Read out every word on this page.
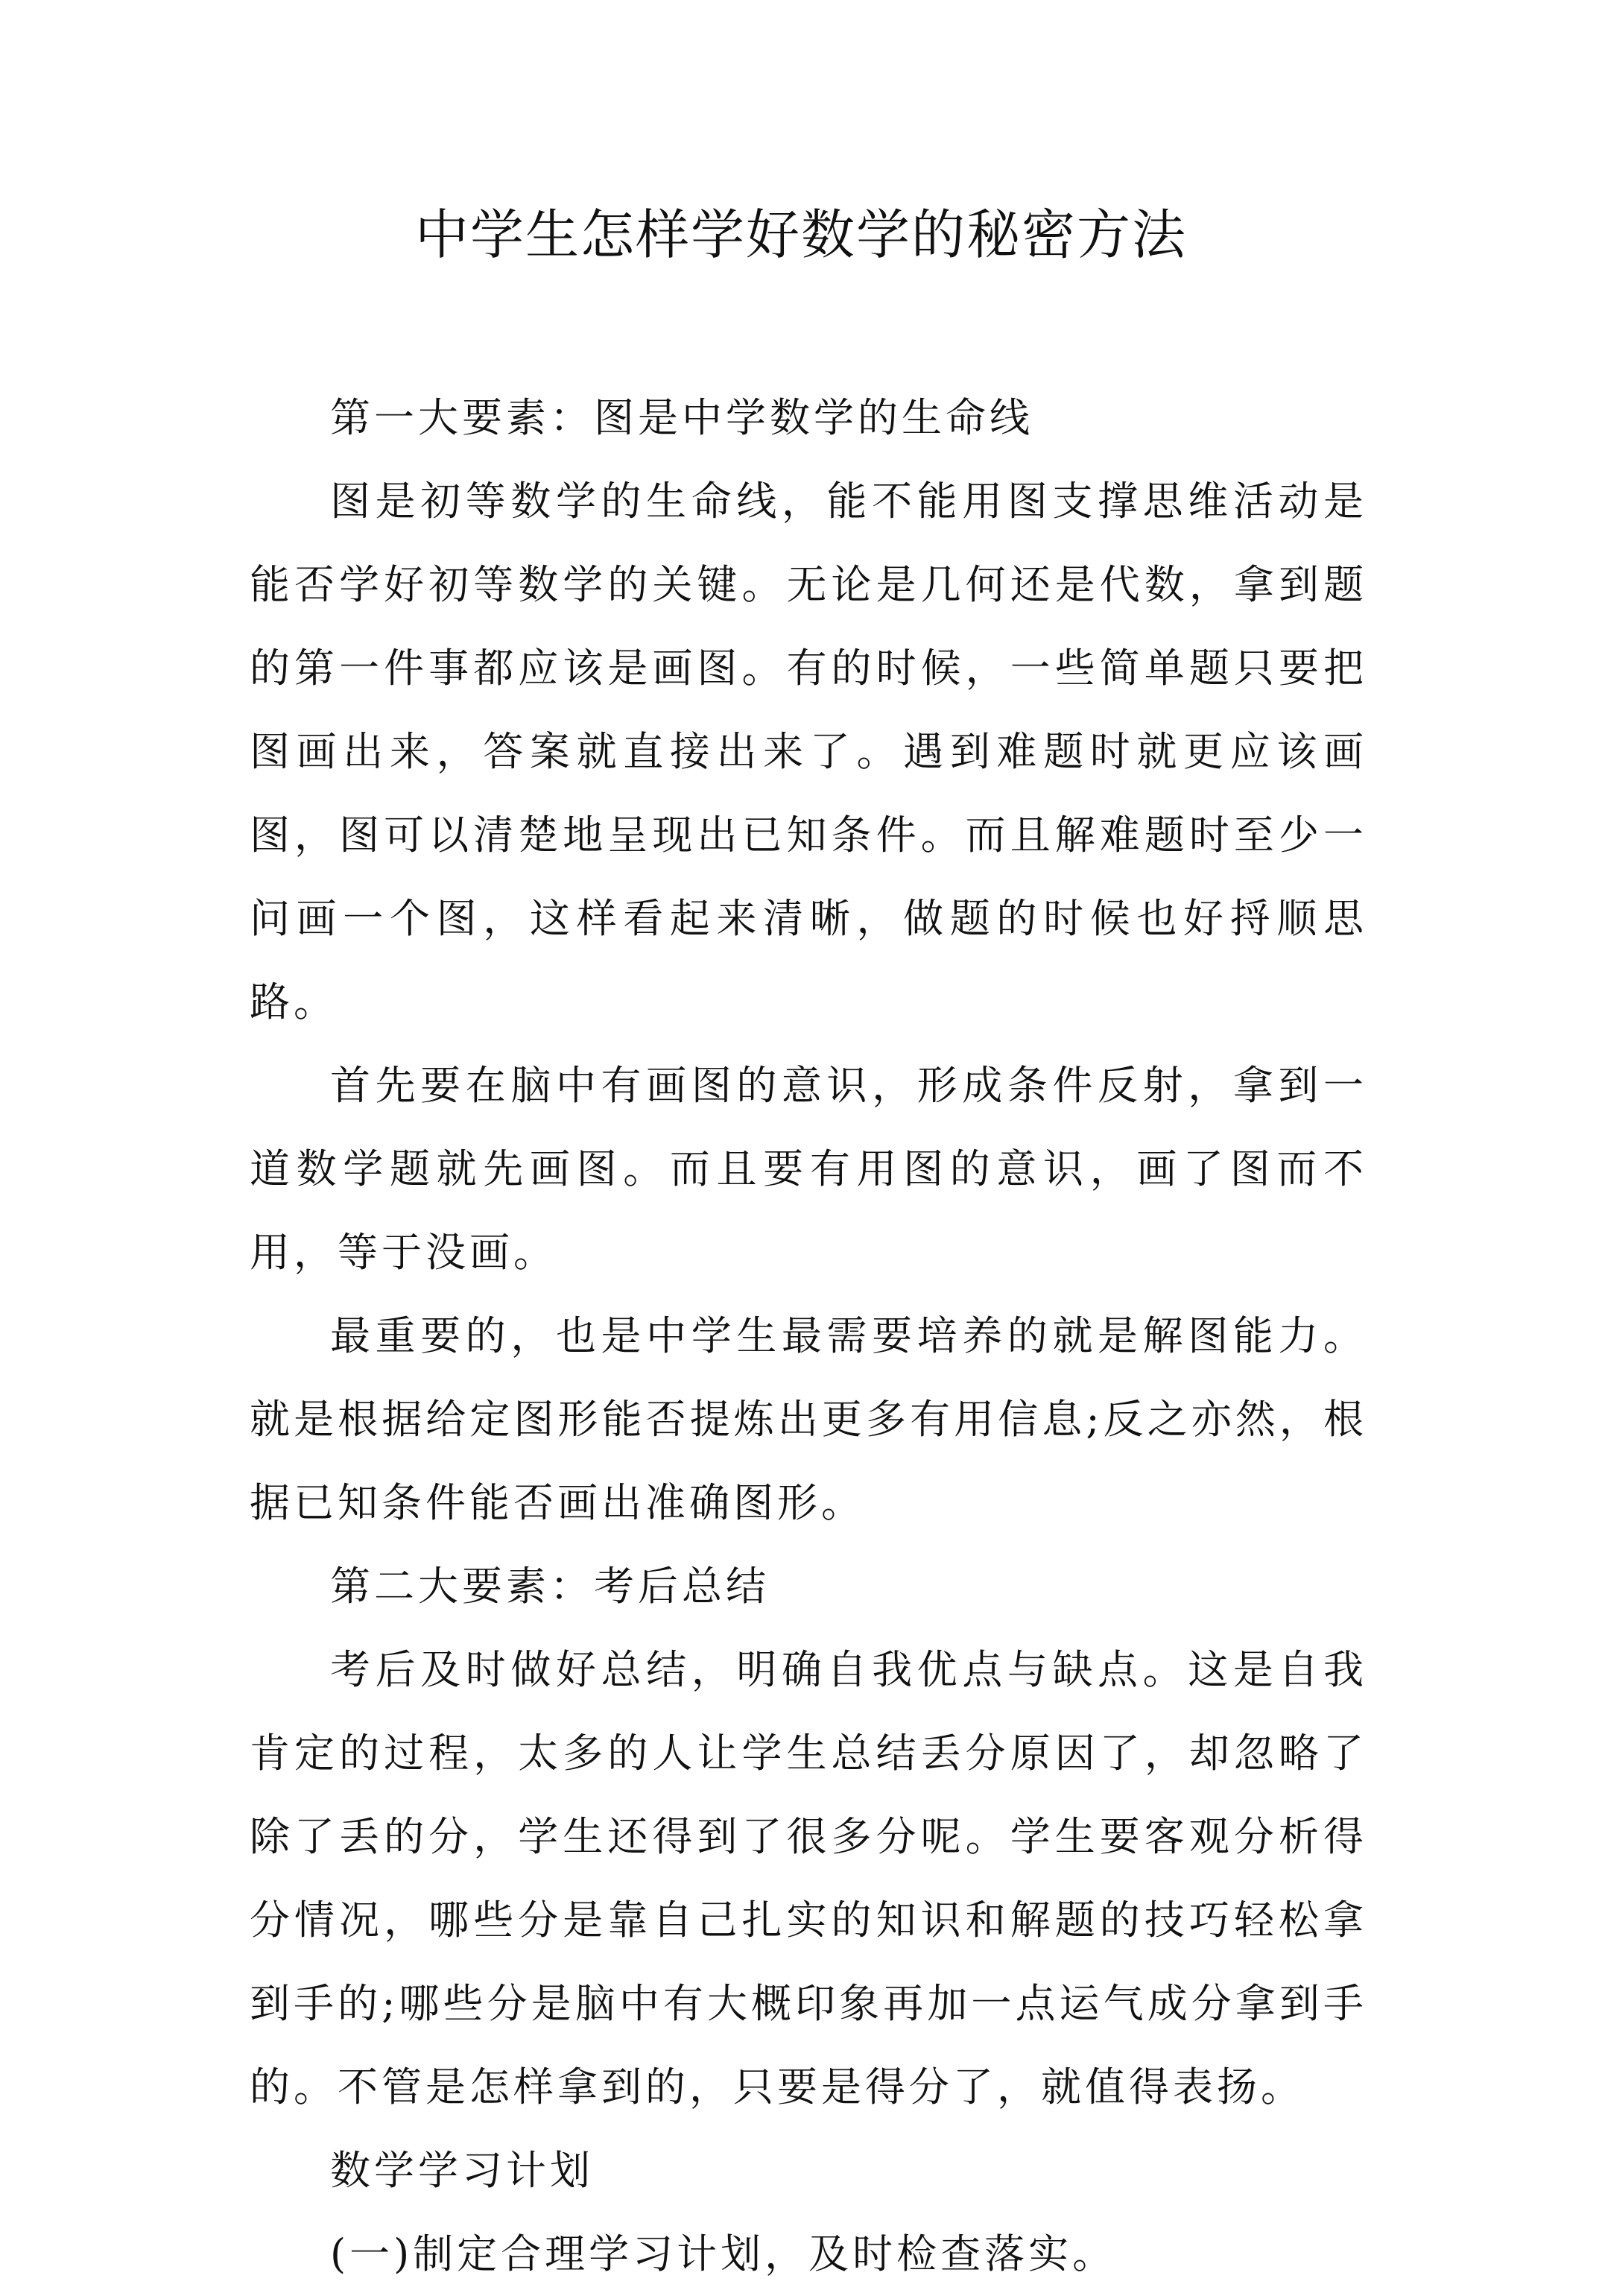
中学生怎样学好数学的秘密方法

第一大要素：图是中学数学的生命线

图是初等数学的生命线，能不能用图支撑思维活动是能否学好初等数学的关键。无论是几何还是代数，拿到题的第一件事都应该是画图。有的时候，一些简单题只要把图画出来，答案就直接出来了。遇到难题时就更应该画图，图可以清楚地呈现出已知条件。而且解难题时至少一问画一个图，这样看起来清晰，做题的时候也好捋顺思路。

首先要在脑中有画图的意识，形成条件反射，拿到一道数学题就先画图。而且要有用图的意识，画了图而不用，等于没画。

最重要的，也是中学生最需要培养的就是解图能力。就是根据给定图形能否提炼出更多有用信息;反之亦然，根据已知条件能否画出准确图形。

第二大要素：考后总结

考后及时做好总结，明确自我优点与缺点。这是自我肯定的过程，太多的人让学生总结丢分原因了，却忽略了除了丢的分，学生还得到了很多分呢。学生要客观分析得分情况，哪些分是靠自己扎实的知识和解题的技巧轻松拿到手的;哪些分是脑中有大概印象再加一点运气成分拿到手的。不管是怎样拿到的，只要是得分了，就值得表扬。

数学学习计划

(一)制定合理学习计划，及时检查落实。
